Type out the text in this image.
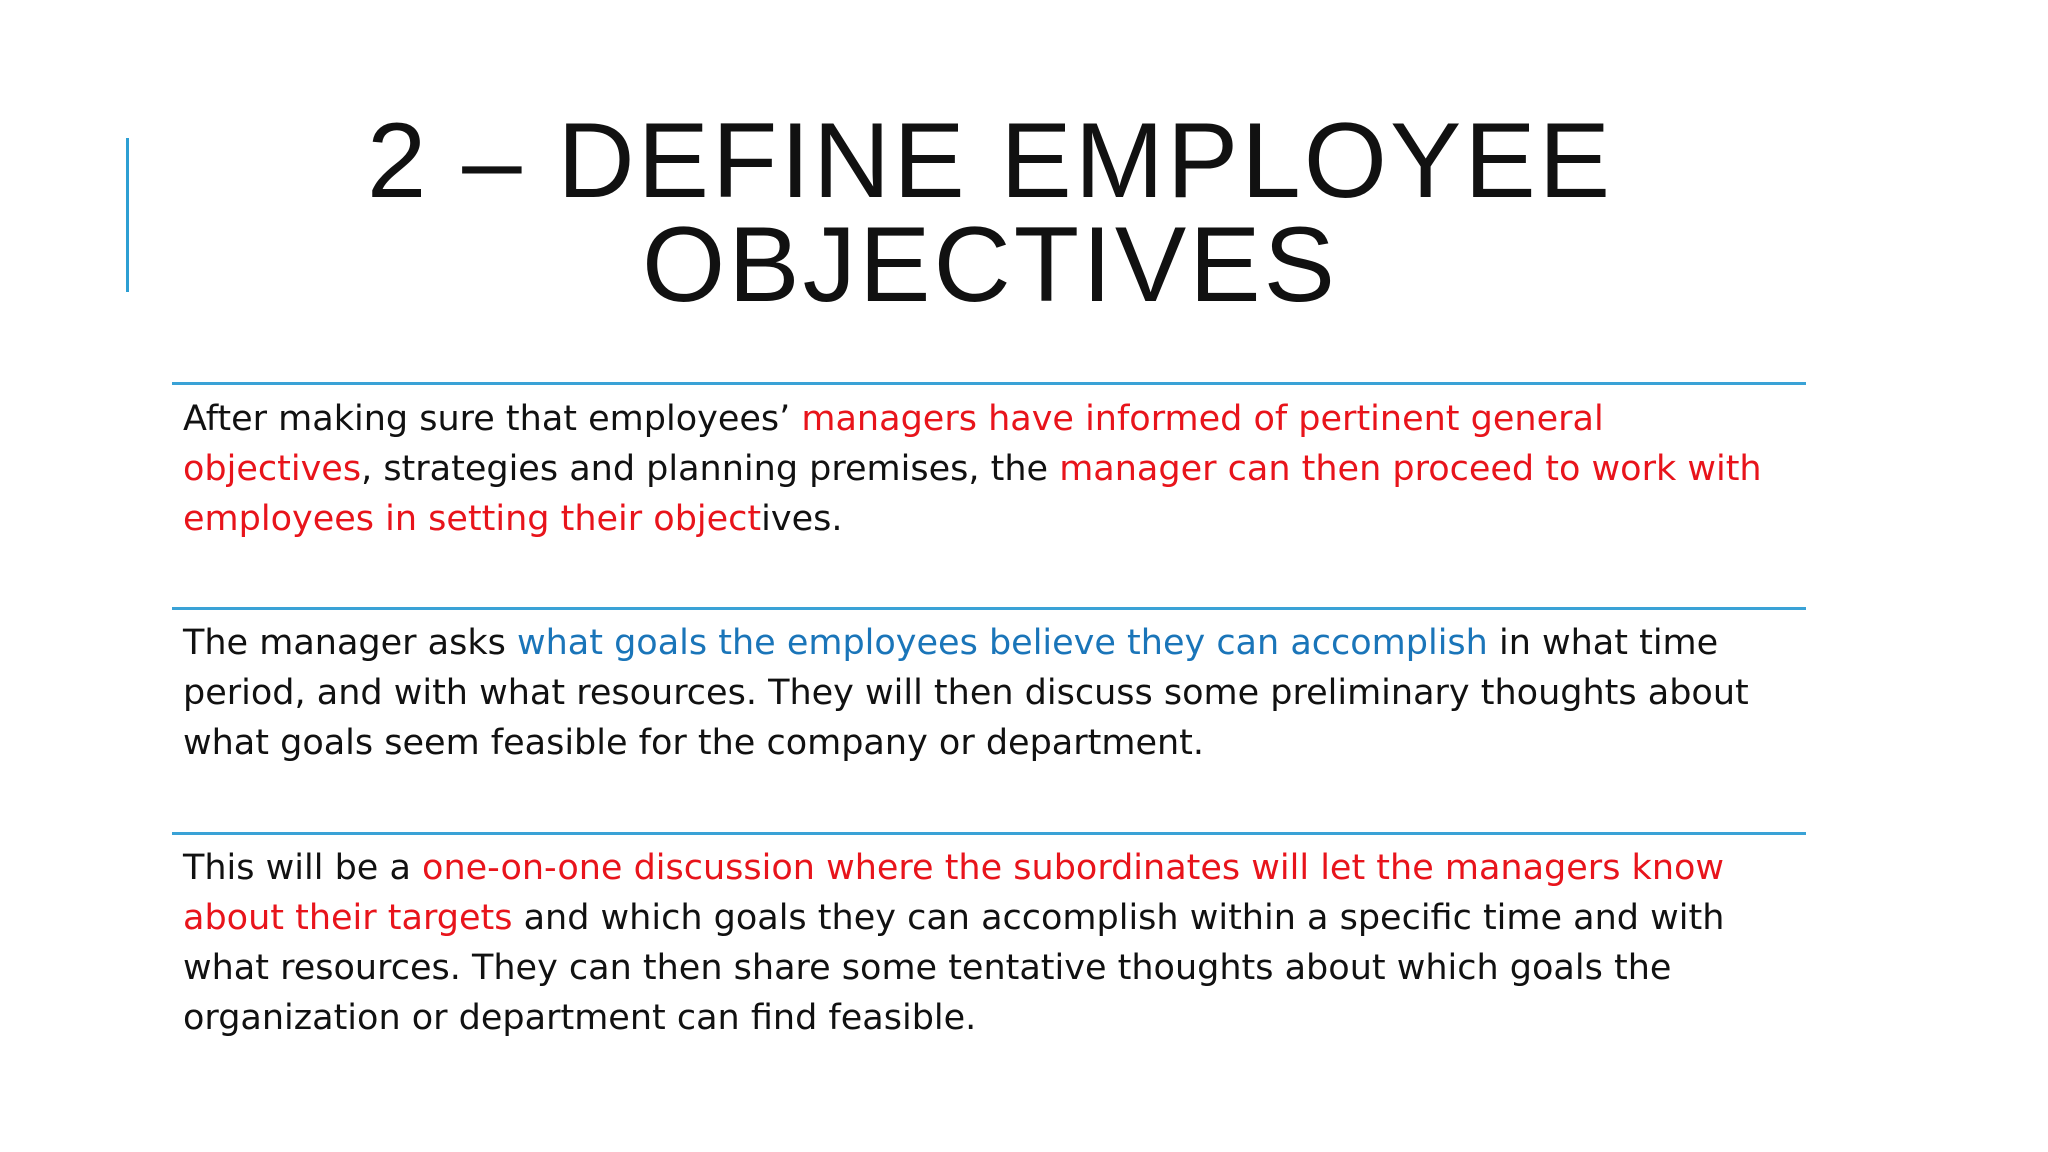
2 – DEFINE EMPLOYEE
OBJECTIVES

After making sure that employees’ managers have informed of pertinent general objectives, strategies and planning premises, the manager can then proceed to work with employees in setting their objectives.

The manager asks what goals the employees believe they can accomplish in what time period, and with what resources. They will then discuss some preliminary thoughts about what goals seem feasible for the company or department.

This will be a one-on-one discussion where the subordinates will let the managers know about their targets and which goals they can accomplish within a specific time and with what resources. They can then share some tentative thoughts about which goals the organization or department can find feasible.
